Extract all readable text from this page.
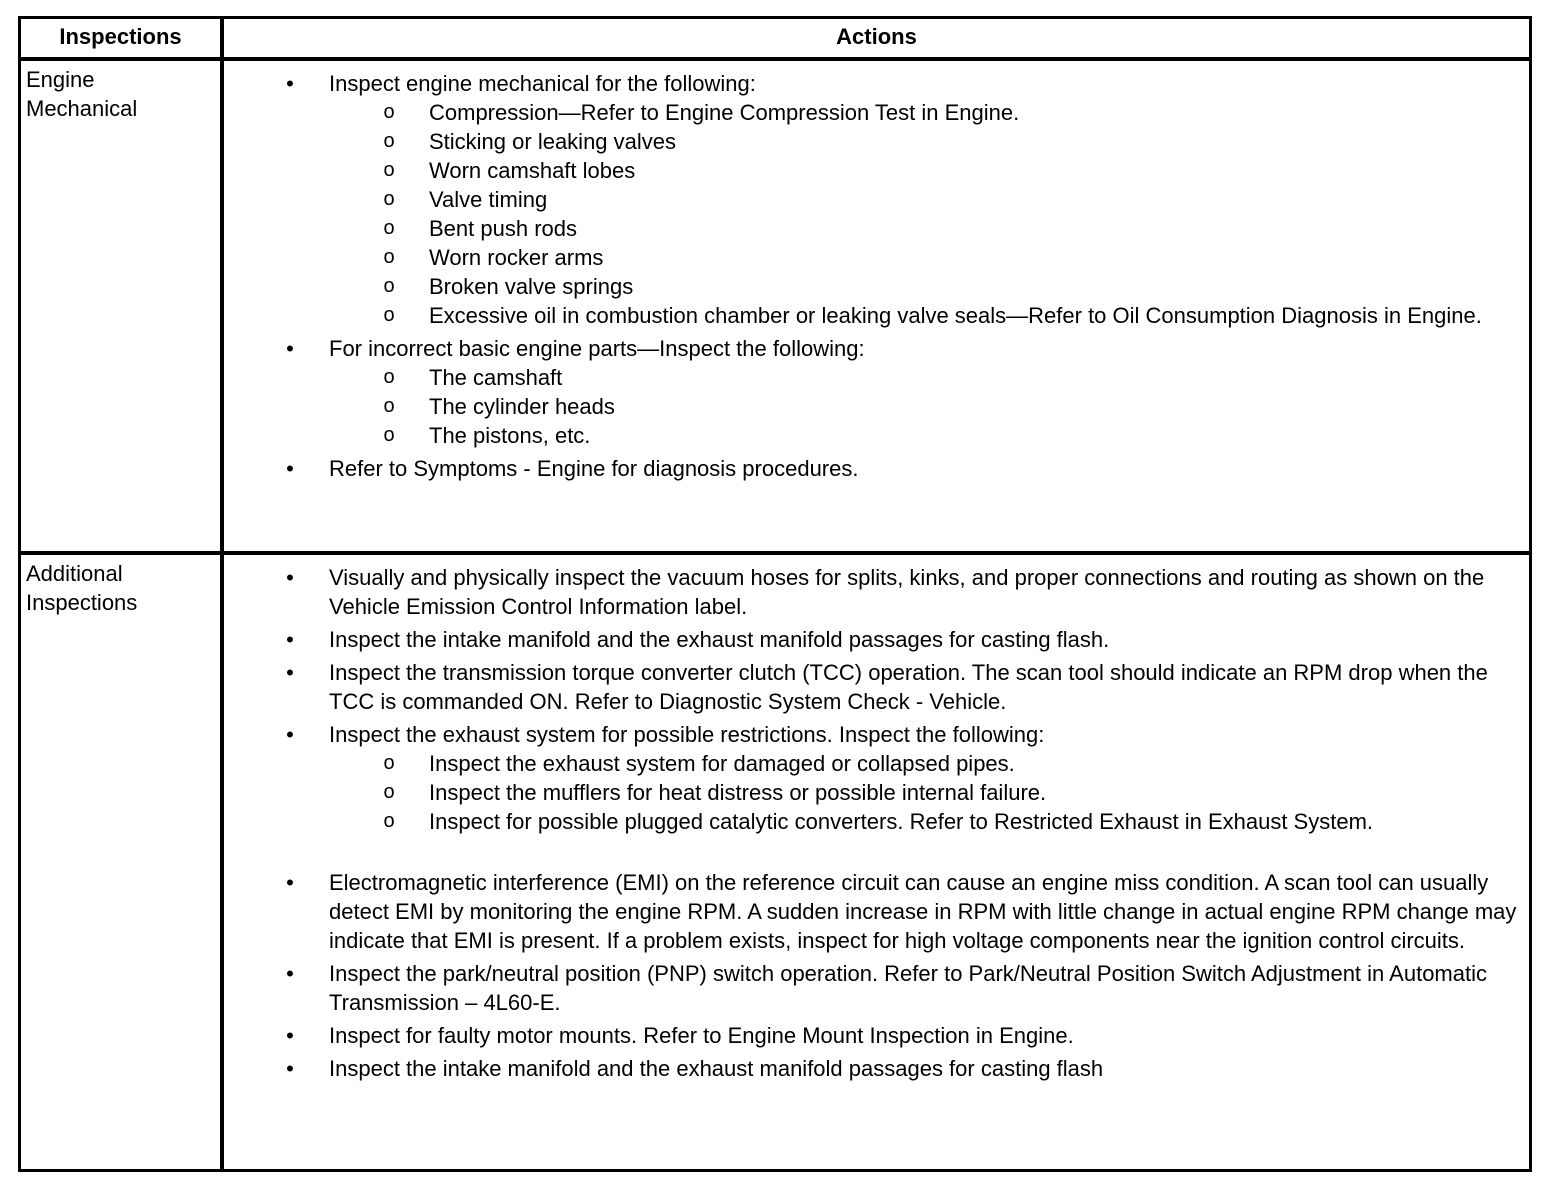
Inspections	Actions
Engine
Mechanical
• Inspect engine mechanical for the following:
o Compression—Refer to Engine Compression Test in Engine.
o Sticking or leaking valves
o Worn camshaft lobes
o Valve timing
o Bent push rods
o Worn rocker arms
o Broken valve springs
o Excessive oil in combustion chamber or leaking valve seals—Refer to Oil Consumption Diagnosis in Engine.
• For incorrect basic engine parts—Inspect the following:
o The camshaft
o The cylinder heads
o The pistons, etc.
• Refer to Symptoms - Engine for diagnosis procedures.
Additional
Inspections
• Visually and physically inspect the vacuum hoses for splits, kinks, and proper connections and routing as shown on the Vehicle Emission Control Information label.
• Inspect the intake manifold and the exhaust manifold passages for casting flash.
• Inspect the transmission torque converter clutch (TCC) operation. The scan tool should indicate an RPM drop when the TCC is commanded ON. Refer to Diagnostic System Check - Vehicle.
• Inspect the exhaust system for possible restrictions. Inspect the following:
o Inspect the exhaust system for damaged or collapsed pipes.
o Inspect the mufflers for heat distress or possible internal failure.
o Inspect for possible plugged catalytic converters. Refer to Restricted Exhaust in Exhaust System.
• Electromagnetic interference (EMI) on the reference circuit can cause an engine miss condition. A scan tool can usually detect EMI by monitoring the engine RPM. A sudden increase in RPM with little change in actual engine RPM change may indicate that EMI is present. If a problem exists, inspect for high voltage components near the ignition control circuits.
• Inspect the park/neutral position (PNP) switch operation. Refer to Park/Neutral Position Switch Adjustment in Automatic Transmission – 4L60-E.
• Inspect for faulty motor mounts. Refer to Engine Mount Inspection in Engine.
• Inspect the intake manifold and the exhaust manifold passages for casting flash
